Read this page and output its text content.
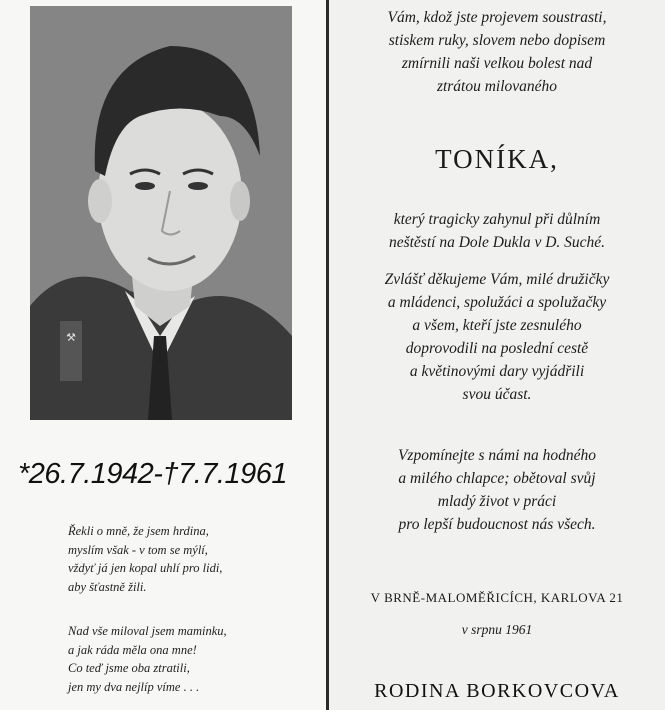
⚒
*26.7.1942-†7.7.1961
Řekli o mně, že jsem hrdina,
myslím však - v tom se mýlí,
vždyť já jen kopal uhlí pro lidi,
aby šťastně žili.
Nad vše miloval jsem maminku,
a jak ráda měla ona mne!
Co teď jsme oba ztratili,
jen my dva nejlíp víme . . .
Vám, kdož jste projevem soustrasti,
stiskem ruky, slovem nebo dopisem
zmírnili naši velkou bolest nad
ztrátou milovaného
TONÍKA,
který tragicky zahynul při důlním
neštěstí na Dole Dukla v D. Suché.
Zvlášť děkujeme Vám, milé družičky
a mládenci, spolužáci a spolužačky
a všem, kteří jste zesnulého
doprovodili na poslední cestě
a květinovými dary vyjádřili
svou účast.
Vzpomínejte s námi na hodného
a milého chlapce; obětoval svůj
mladý život v práci
pro lepší budoucnost nás všech.
V BRNĚ-MALOMĚŘICÍCH, KARLOVA 21
v srpnu 1961
RODINA BORKOVCOVA
